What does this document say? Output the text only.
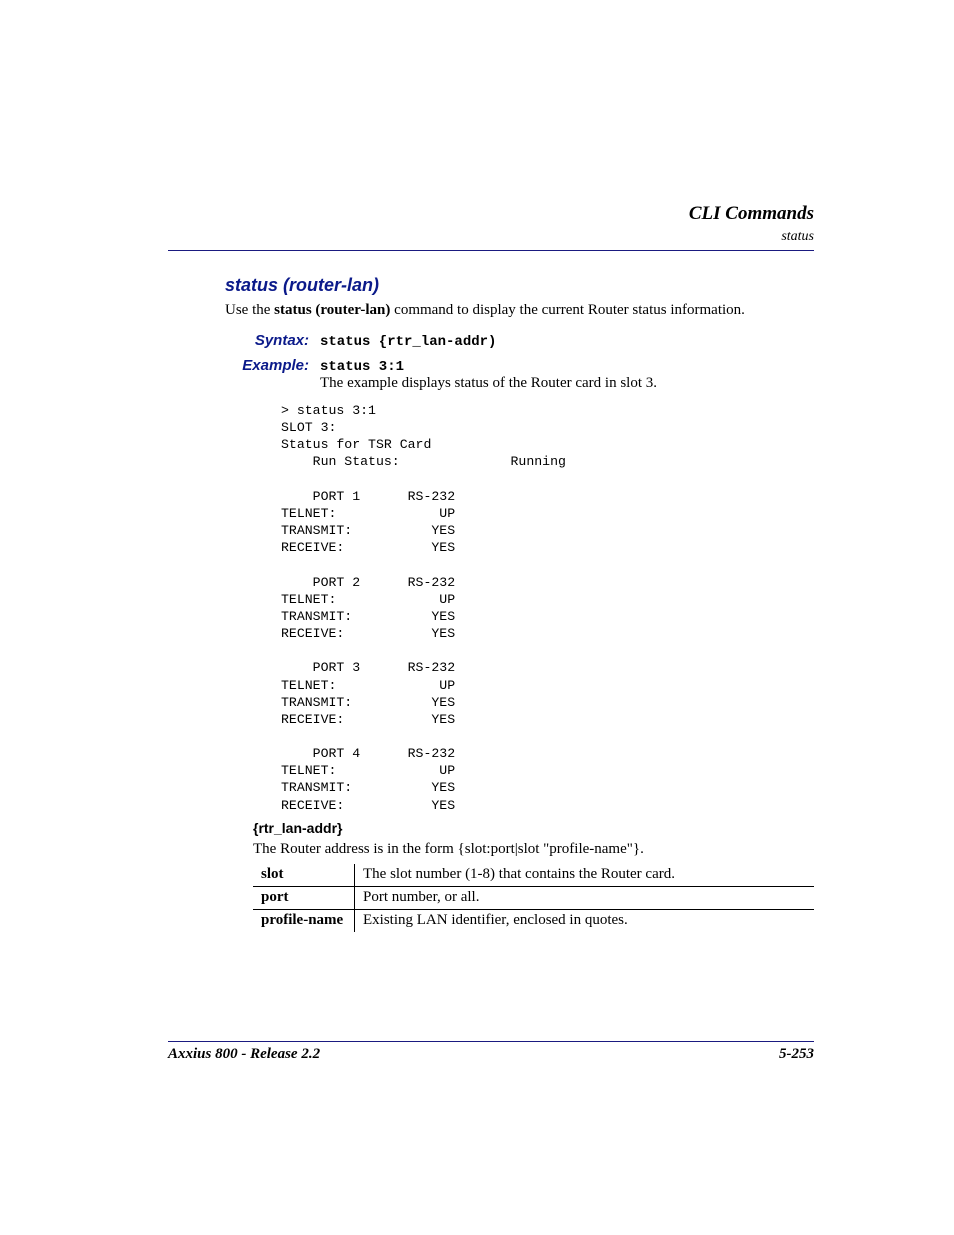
CLI Commands
status
status (router-lan)
Use the status (router-lan) command to display the current Router status information.
Syntax: status {rtr_lan-addr)
Example: status 3:1
The example displays status of the Router card in slot 3.
> status 3:1
SLOT 3:
Status for TSR Card
Run Status:              Running

PORT 1      RS-232
TELNET:             UP
TRANSMIT:          YES
RECEIVE:           YES

PORT 2      RS-232
TELNET:             UP
TRANSMIT:          YES
RECEIVE:           YES

PORT 3      RS-232
TELNET:             UP
TRANSMIT:          YES
RECEIVE:           YES

PORT 4      RS-232
TELNET:             UP
TRANSMIT:          YES
RECEIVE:           YES
{rtr_lan-addr}
The Router address is in the form {slot:port|slot "profile-name"}.
slot	The slot number (1-8) that contains the Router card.
port	Port number, or all.
profile-name	Existing LAN identifier, enclosed in quotes.
Axxius 800 - Release 2.2	5-253
